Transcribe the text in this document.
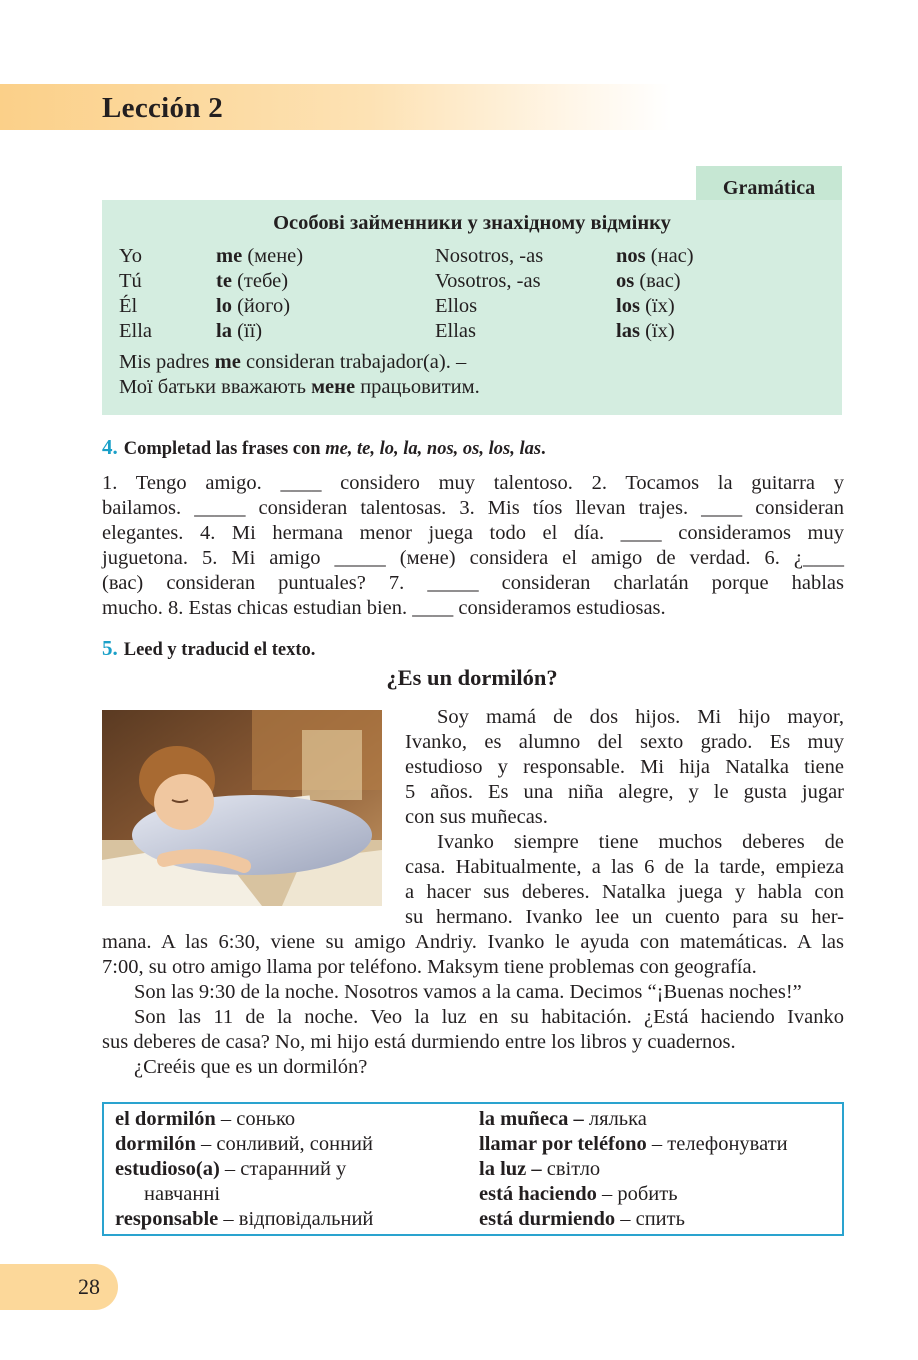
Lección 2
Gramática
Особові займенники у знахідному відмінку
Yo
Tú
Él
Ella
me (мене)
te (тебе)
lo (його)
la (її)
Nosotros, -as
Vosotros, -as
Ellos
Ellas
nos (нас)
os (вас)
los (їх)
las (їх)
Mis padres me consideran trabajador(a). –
Мої батьки вважають мене працьовитим.
4. Completad las frases con me, te, lo, la, nos, os, los, las.
1. Tengo amigo. ____ considero muy talentoso. 2. Tocamos la guitarra y
bailamos. _____ consideran talentosas. 3. Mis tíos llevan trajes. ____ consideran
elegantes. 4. Mi hermana menor juega todo el día. ____ consideramos muy
juguetona. 5. Mi amigo _____ (мене) considera el amigo de verdad. 6. ¿____
(вас) consideran puntuales? 7. _____ consideran charlatán porque hablas
mucho. 8. Estas chicas estudian bien. ____ consideramos estudiosas.
5. Leed y traducid el texto.
¿Es un dormilón?
Soy mamá de dos hijos. Mi hijo mayor,
Ivanko, es alumno del sexto grado. Es muy
estudioso y responsable. Mi hija Natalka tiene
5 años. Es una niña alegre, y le gusta jugar
con sus muñecas.
Ivanko siempre tiene muchos deberes de
casa. Habitualmente, a las 6 de la tarde, empieza
a hacer sus deberes. Natalka juega y habla con
su hermano. Ivanko lee un cuento para su her-
mana. A las 6:30, viene su amigo Andriy. Ivanko le ayuda con matemáticas. A las
7:00, su otro amigo llama por teléfono. Maksym tiene problemas con geografía.
Son las 9:30 de la noche. Nosotros vamos a la cama. Decimos “¡Buenas noches!”
Son las 11 de la noche. Veo la luz en su habitación. ¿Está haciendo Ivanko
sus deberes de casa? No, mi hijo está durmiendo entre los libros y cuadernos.
¿Creéis que es un dormilón?
el dormilón – сонько
dormilón – сонливий, сонний
estudioso(a) – старанний у
навчанні
responsable – відповідальний
la muñeca – лялька
llamar por teléfono – телефонувати
la luz – світло
está haciendo – робить
está durmiendo – спить
28
